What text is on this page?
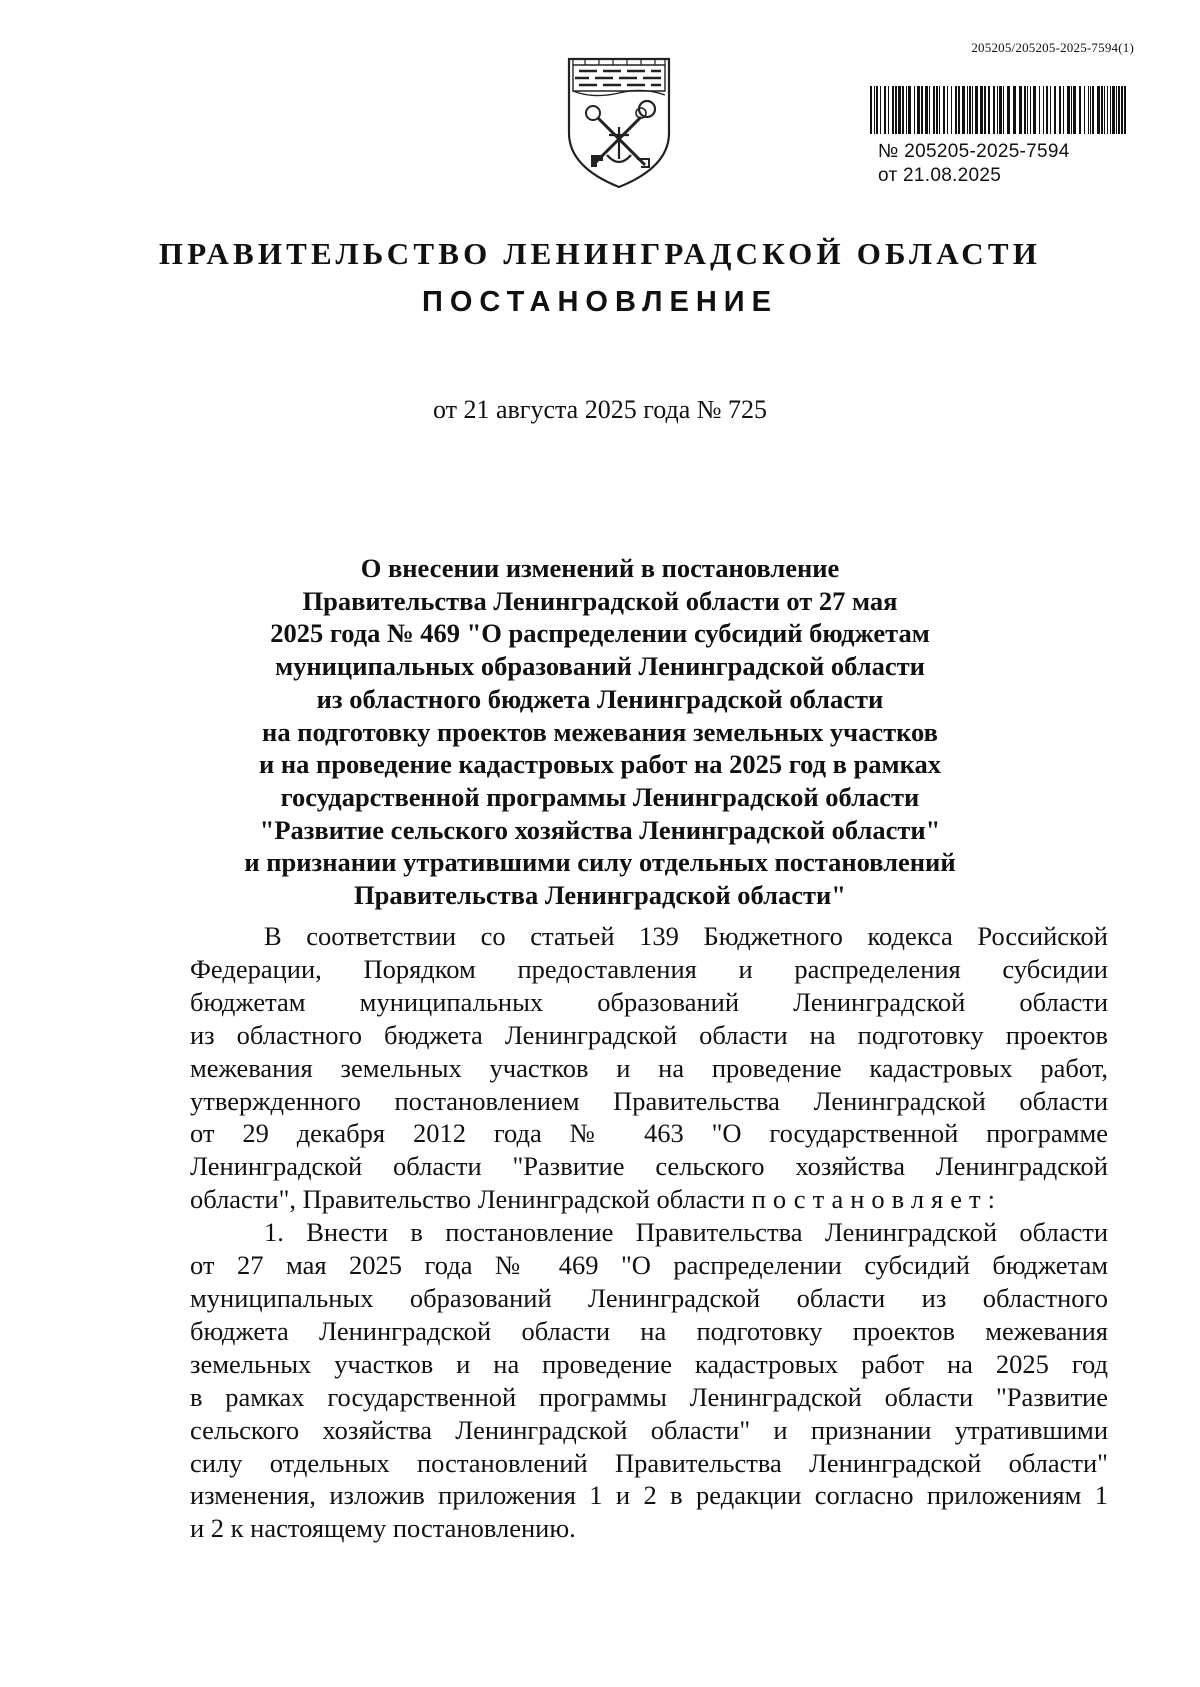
205205/205205-2025-7594(1)
№ 205205-2025-7594
от 21.08.2025
ПРАВИТЕЛЬСТВО ЛЕНИНГРАДСКОЙ ОБЛАСТИ
ПОСТАНОВЛЕНИЕ
от 21 августа 2025 года № 725
О внесении изменений в постановление
Правительства Ленинградской области от 27 мая
2025 года № 469 "О распределении субсидий бюджетам
муниципальных образований Ленинградской области
из областного бюджета Ленинградской области
на подготовку проектов межевания земельных участков
и на проведение кадастровых работ на 2025 год в рамках
государственной программы Ленинградской области
"Развитие сельского хозяйства Ленинградской области"
и признании утратившими силу отдельных постановлений
Правительства Ленинградской области"
В соответствии со статьей 139 Бюджетного кодекса Российской
Федерации, Порядком предоставления и распределения субсидии
бюджетам муниципальных образований Ленинградской области
из областного бюджета Ленинградской области на подготовку проектов
межевания земельных участков и на проведение кадастровых работ,
утвержденного постановлением Правительства Ленинградской области
от 29 декабря 2012 года № 463 "О государственной программе
Ленинградской области "Развитие сельского хозяйства Ленинградской
области", Правительство Ленинградской области постановляет:
1. Внести в постановление Правительства Ленинградской области
от 27 мая 2025 года № 469 "О распределении субсидий бюджетам
муниципальных образований Ленинградской области из областного
бюджета Ленинградской области на подготовку проектов межевания
земельных участков и на проведение кадастровых работ на 2025 год
в рамках государственной программы Ленинградской области "Развитие
сельского хозяйства Ленинградской области" и признании утратившими
силу отдельных постановлений Правительства Ленинградской области"
изменения, изложив приложения 1 и 2 в редакции согласно приложениям 1
и 2 к настоящему постановлению.
